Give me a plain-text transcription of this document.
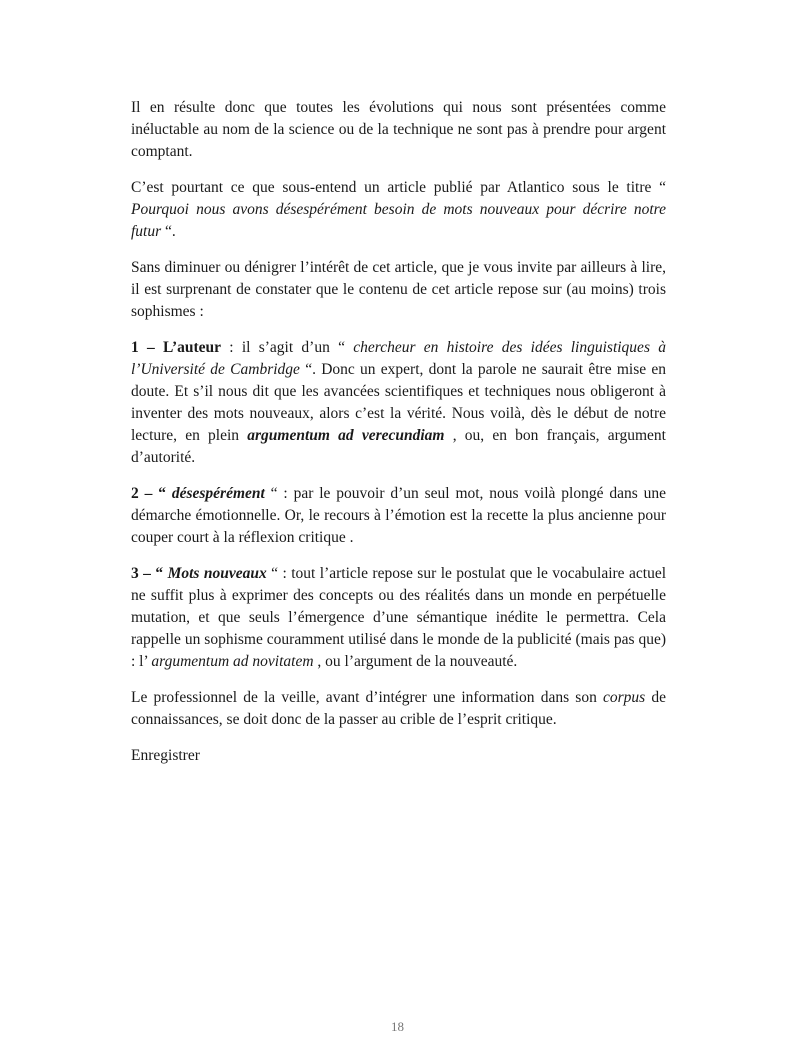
Il en résulte donc que toutes les évolutions qui nous sont présentées comme inéluctable au nom de la science ou de la technique ne sont pas à prendre pour argent comptant.

C’est pourtant ce que sous-entend un article publié par Atlantico sous le titre “ Pourquoi nous avons désespérément besoin de mots nouveaux pour décrire notre futur “.

Sans diminuer ou dénigrer l’intérêt de cet article, que je vous invite par ailleurs à lire, il est surprenant de constater que le contenu de cet article repose sur (au moins) trois sophismes :

1 – L’auteur : il s’agit d’un “ chercheur en histoire des idées linguistiques à l’Université de Cambridge “. Donc un expert, dont la parole ne saurait être mise en doute. Et s’il nous dit que les avancées scientifiques et techniques nous obligeront à inventer des mots nouveaux, alors c’est la vérité. Nous voilà, dès le début de notre lecture, en plein argumentum ad verecundiam , ou, en bon français, argument d’autorité.

2 – “ désespérément “ : par le pouvoir d’un seul mot, nous voilà plongé dans une démarche émotionnelle. Or, le recours à l’émotion est la recette la plus ancienne pour couper court à la réflexion critique .

3 – “ Mots nouveaux “ : tout l’article repose sur le postulat que le vocabulaire actuel ne suffit plus à exprimer des concepts ou des réalités dans un monde en perpétuelle mutation, et que seuls l’émergence d’une sémantique inédite le permettra. Cela rappelle un sophisme couramment utilisé dans le monde de la publicité (mais pas que) : l’ argumentum ad novitatem , ou l’argument de la nouveauté.

Le professionnel de la veille, avant d’intégrer une information dans son corpus de connaissances, se doit donc de la passer au crible de l’esprit critique.

Enregistrer

18
